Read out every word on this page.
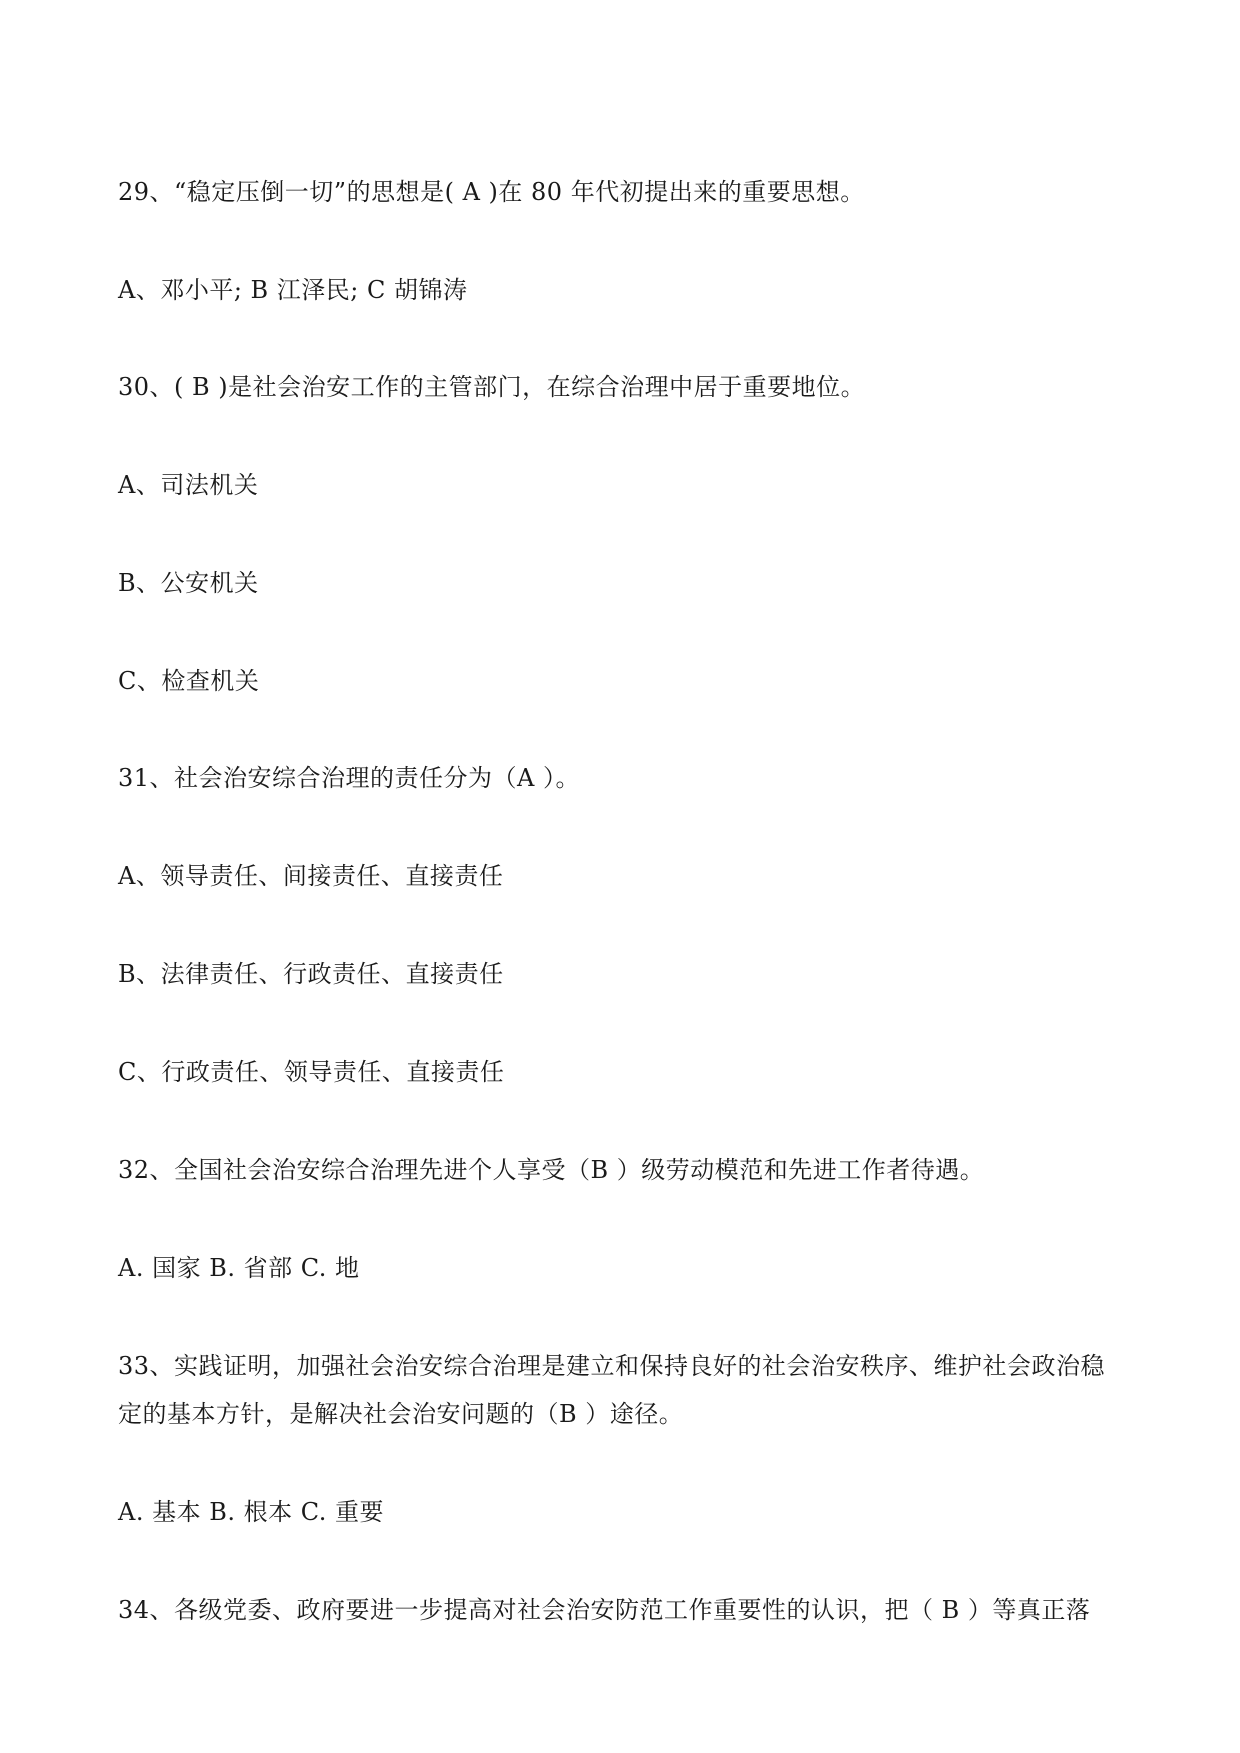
29、“稳定压倒一切”的思想是( A )在 80 年代初提出来的重要思想。
A、邓小平; B 江泽民; C 胡锦涛
30、( B )是社会治安工作的主管部门，在综合治理中居于重要地位。
A、司法机关
B、公安机关
C、检查机关
31、社会治安综合治理的责任分为（A ）。
A、领导责任、间接责任、直接责任
B、法律责任、行政责任、直接责任
C、行政责任、领导责任、直接责任
32、全国社会治安综合治理先进个人享受（B ）级劳动模范和先进工作者待遇。
A. 国家 B. 省部 C. 地
33、实践证明，加强社会治安综合治理是建立和保持良好的社会治安秩序、维护社会政治稳
定的基本方针，是解决社会治安问题的（B ）途径。
A. 基本 B. 根本 C. 重要
34、各级党委、政府要进一步提高对社会治安防范工作重要性的认识，把（ B ）等真正落
